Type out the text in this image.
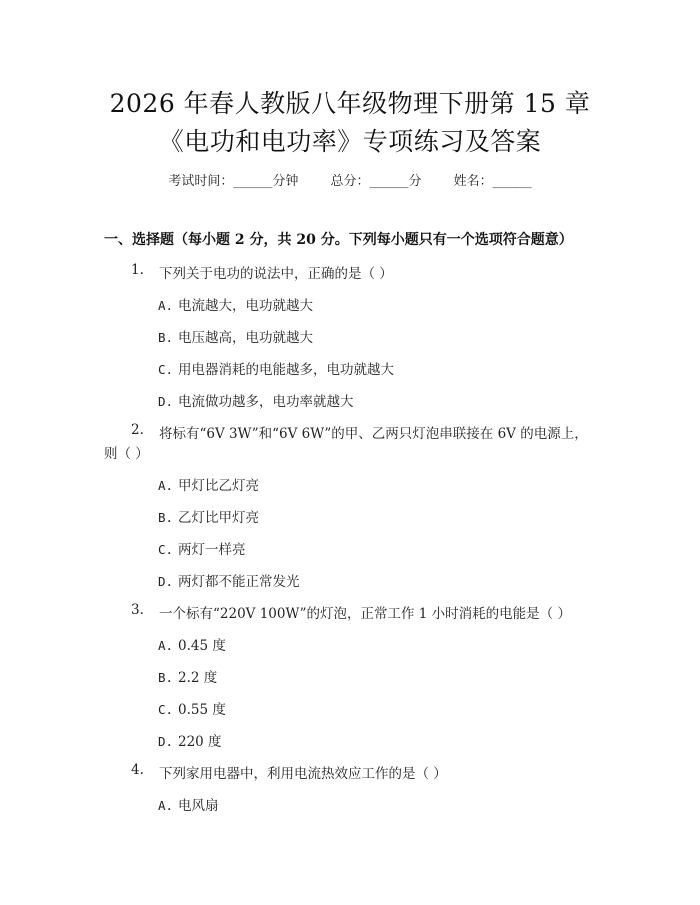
2026 年春人教版八年级物理下册第 15 章
《电功和电功率》专项练习及答案
考试时间：______分钟 总分：______分 姓名：______
一、选择题（每小题 2 分，共 20 分。下列每小题只有一个选项符合题意）
1. 下列关于电功的说法中，正确的是（ ）
A. 电流越大，电功就越大
B. 电压越高，电功就越大
C. 用电器消耗的电能越多，电功就越大
D. 电流做功越多，电功率就越大
2. 将标有“6V 3W”和“6V 6W”的甲、乙两只灯泡串联接在 6V 的电源上，
则（ ）
A. 甲灯比乙灯亮
B. 乙灯比甲灯亮
C. 两灯一样亮
D. 两灯都不能正常发光
3. 一个标有“220V 100W”的灯泡，正常工作 1 小时消耗的电能是（ ）
A. 0.45 度
B. 2.2 度
C. 0.55 度
D. 220 度
4. 下列家用电器中，利用电流热效应工作的是（ ）
A. 电风扇
